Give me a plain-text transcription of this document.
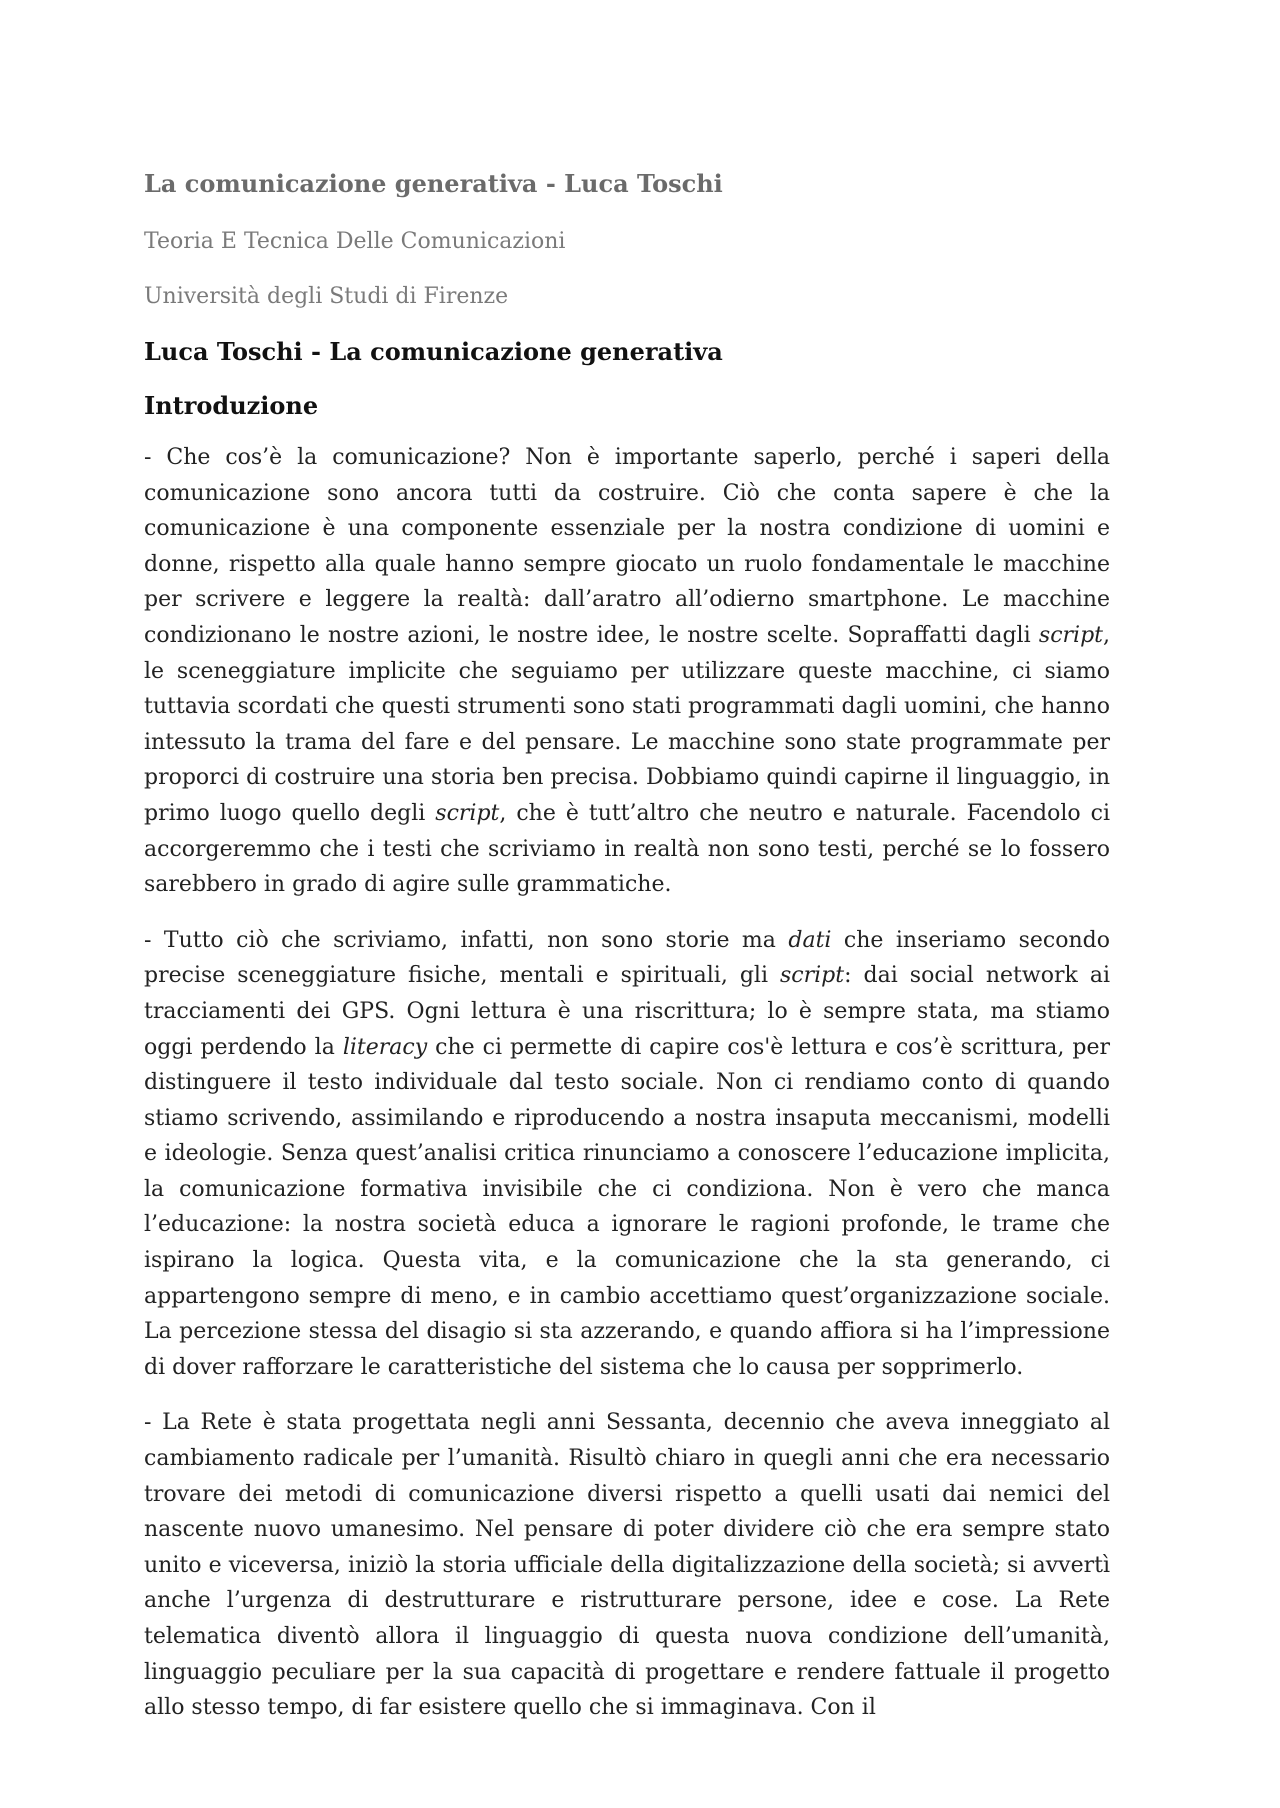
La comunicazione generativa - Luca Toschi
Teoria E Tecnica Delle Comunicazioni
Università degli Studi di Firenze
Luca Toschi - La comunicazione generativa
Introduzione

- Che cos’è la comunicazione? Non è importante saperlo, perché i saperi della comunicazione sono ancora tutti da costruire. Ciò che conta sapere è che la comunicazione è una componente essenziale per la nostra condizione di uomini e donne, rispetto alla quale hanno sempre giocato un ruolo fondamentale le macchine per scrivere e leggere la realtà: dall’aratro all’odierno smartphone. Le macchine condizionano le nostre azioni, le nostre idee, le nostre scelte. Sopraffatti dagli script, le sceneggiature implicite che seguiamo per utilizzare queste macchine, ci siamo tuttavia scordati che questi strumenti sono stati programmati dagli uomini, che hanno intessuto la trama del fare e del pensare. Le macchine sono state programmate per proporci di costruire una storia ben precisa. Dobbiamo quindi capirne il linguaggio, in primo luogo quello degli script, che è tutt’altro che neutro e naturale. Facendolo ci accorgeremmo che i testi che scriviamo in realtà non sono testi, perché se lo fossero sarebbero in grado di agire sulle grammatiche.

- Tutto ciò che scriviamo, infatti, non sono storie ma dati che inseriamo secondo precise sceneggiature fisiche, mentali e spirituali, gli script: dai social network ai tracciamenti dei GPS. Ogni lettura è una riscrittura; lo è sempre stata, ma stiamo oggi perdendo la literacy che ci permette di capire cos'è lettura e cos’è scrittura, per distinguere il testo individuale dal testo sociale. Non ci rendiamo conto di quando stiamo scrivendo, assimilando e riproducendo a nostra insaputa meccanismi, modelli e ideologie. Senza quest’analisi critica rinunciamo a conoscere l’educazione implicita, la comunicazione formativa invisibile che ci condiziona. Non è vero che manca l’educazione: la nostra società educa a ignorare le ragioni profonde, le trame che ispirano la logica. Questa vita, e la comunicazione che la sta generando, ci appartengono sempre di meno, e in cambio accettiamo quest’organizzazione sociale. La percezione stessa del disagio si sta azzerando, e quando affiora si ha l’impressione di dover rafforzare le caratteristiche del sistema che lo causa per sopprimerlo.

- La Rete è stata progettata negli anni Sessanta, decennio che aveva inneggiato al cambiamento radicale per l’umanità. Risultò chiaro in quegli anni che era necessario trovare dei metodi di comunicazione diversi rispetto a quelli usati dai nemici del nascente nuovo umanesimo. Nel pensare di poter dividere ciò che era sempre stato unito e viceversa, iniziò la storia ufficiale della digitalizzazione della società; si avvertì anche l’urgenza di destrutturare e ristrutturare persone, idee e cose. La Rete telematica diventò allora il linguaggio di questa nuova condizione dell’umanità, linguaggio peculiare per la sua capacità di progettare e rendere fattuale il progetto allo stesso tempo, di far esistere quello che si immaginava. Con il
